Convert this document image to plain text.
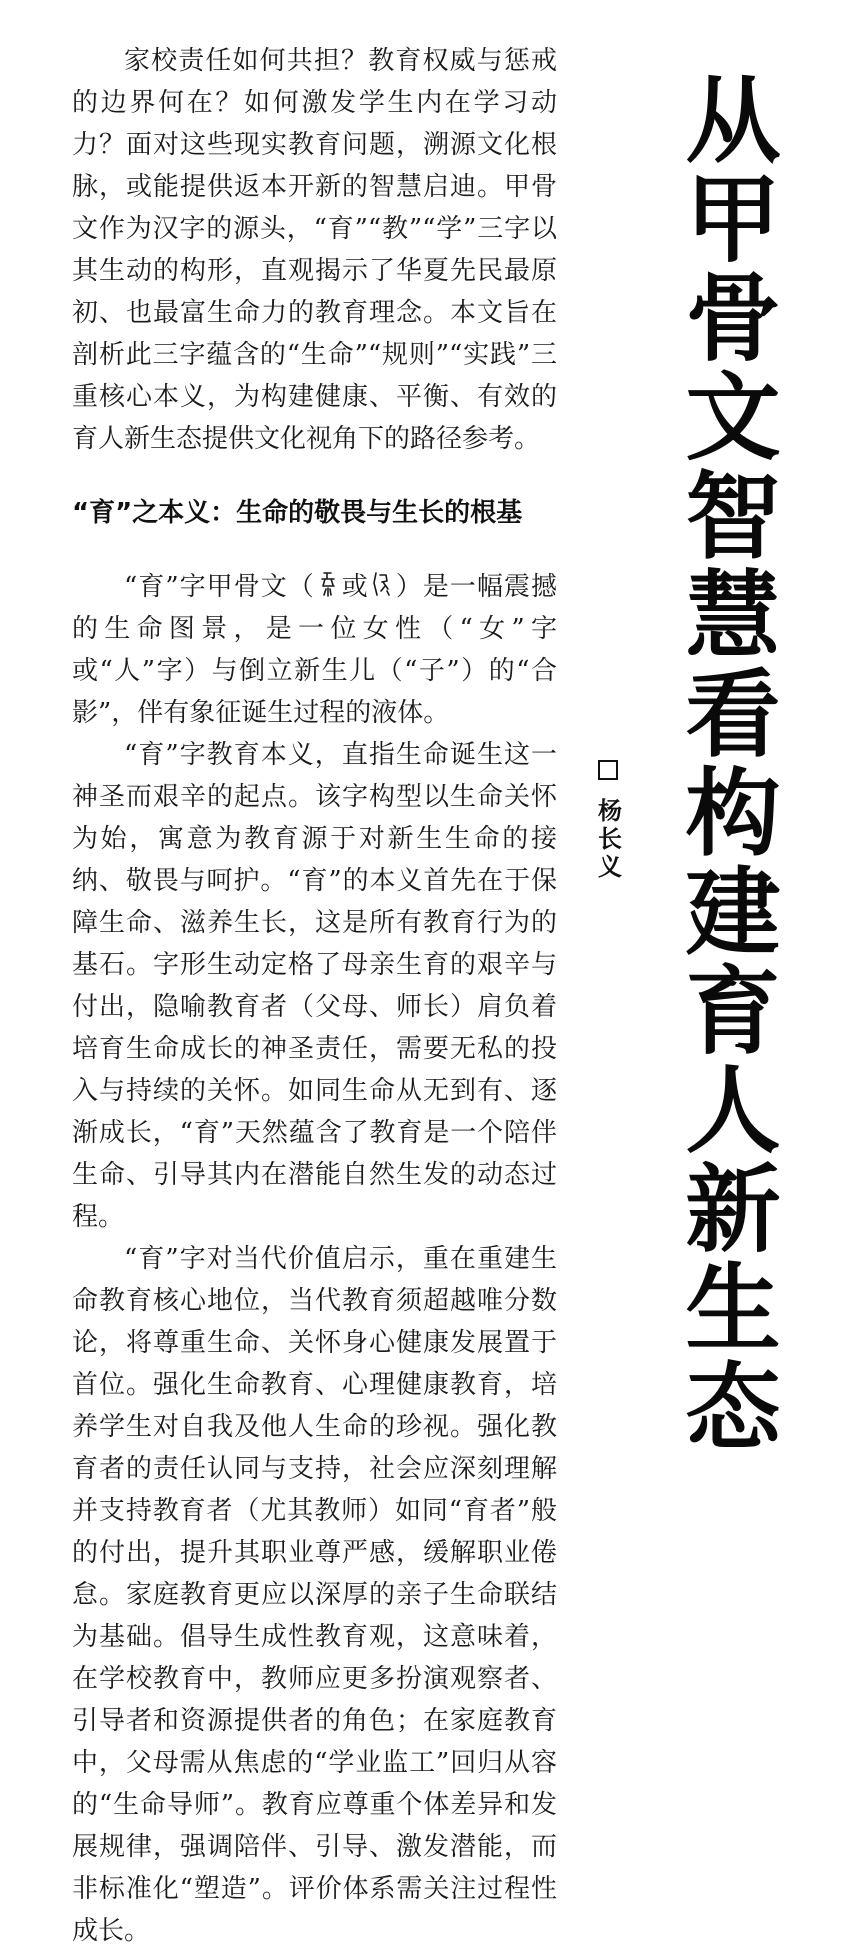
家校责任如何共担？教育权威与惩戒的边界何在？如何激发学生内在学习动力？面对这些现实教育问题，溯源文化根脉，或能提供返本开新的智慧启迪。甲骨文作为汉字的源头，“育”“教”“学”三字以其生动的构形，直观揭示了华夏先民最原初、也最富生命力的教育理念。本文旨在剖析此三字蕴含的“生命”“规则”“实践”三重核心本义，为构建健康、平衡、有效的育人新生态提供文化视角下的路径参考。

“育”之本义：生命的敬畏与生长的根基

“育”字甲骨文（ 或 ）是一幅震撼的生命图景，是一位女性（“女”字或“人”字）与倒立新生儿（“子”）的“合影”，伴有象征诞生过程的液体。

“育”字教育本义，直指生命诞生这一神圣而艰辛的起点。该字构型以生命关怀为始，寓意为教育源于对新生生命的接纳、敬畏与呵护。“育”的本义首先在于保障生命、滋养生长，这是所有教育行为的基石。字形生动定格了母亲生育的艰辛与付出，隐喻教育者（父母、师长）肩负着培育生命成长的神圣责任，需要无私的投入与持续的关怀。如同生命从无到有、逐渐成长，“育”天然蕴含了教育是一个陪伴生命、引导其内在潜能自然生发的动态过程。

“育”字对当代价值启示，重在重建生命教育核心地位，当代教育须超越唯分数论，将尊重生命、关怀身心健康发展置于首位。强化生命教育、心理健康教育，培养学生对自我及他人生命的珍视。强化教育者的责任认同与支持，社会应深刻理解并支持教育者（尤其教师）如同“育者”般的付出，提升其职业尊严感，缓解职业倦怠。家庭教育更应以深厚的亲子生命联结为基础。倡导生成性教育观，这意味着，在学校教育中，教师应更多扮演观察者、引导者和资源提供者的角色；在家庭教育中，父母需从焦虑的“学业监工”回归从容的“生命导师”。教育应尊重个体差异和发展规律，强调陪伴、引导、激发潜能，而非标准化“塑造”。评价体系需关注过程性成长。

杨长义 从甲骨文智慧看构建育人新生态
